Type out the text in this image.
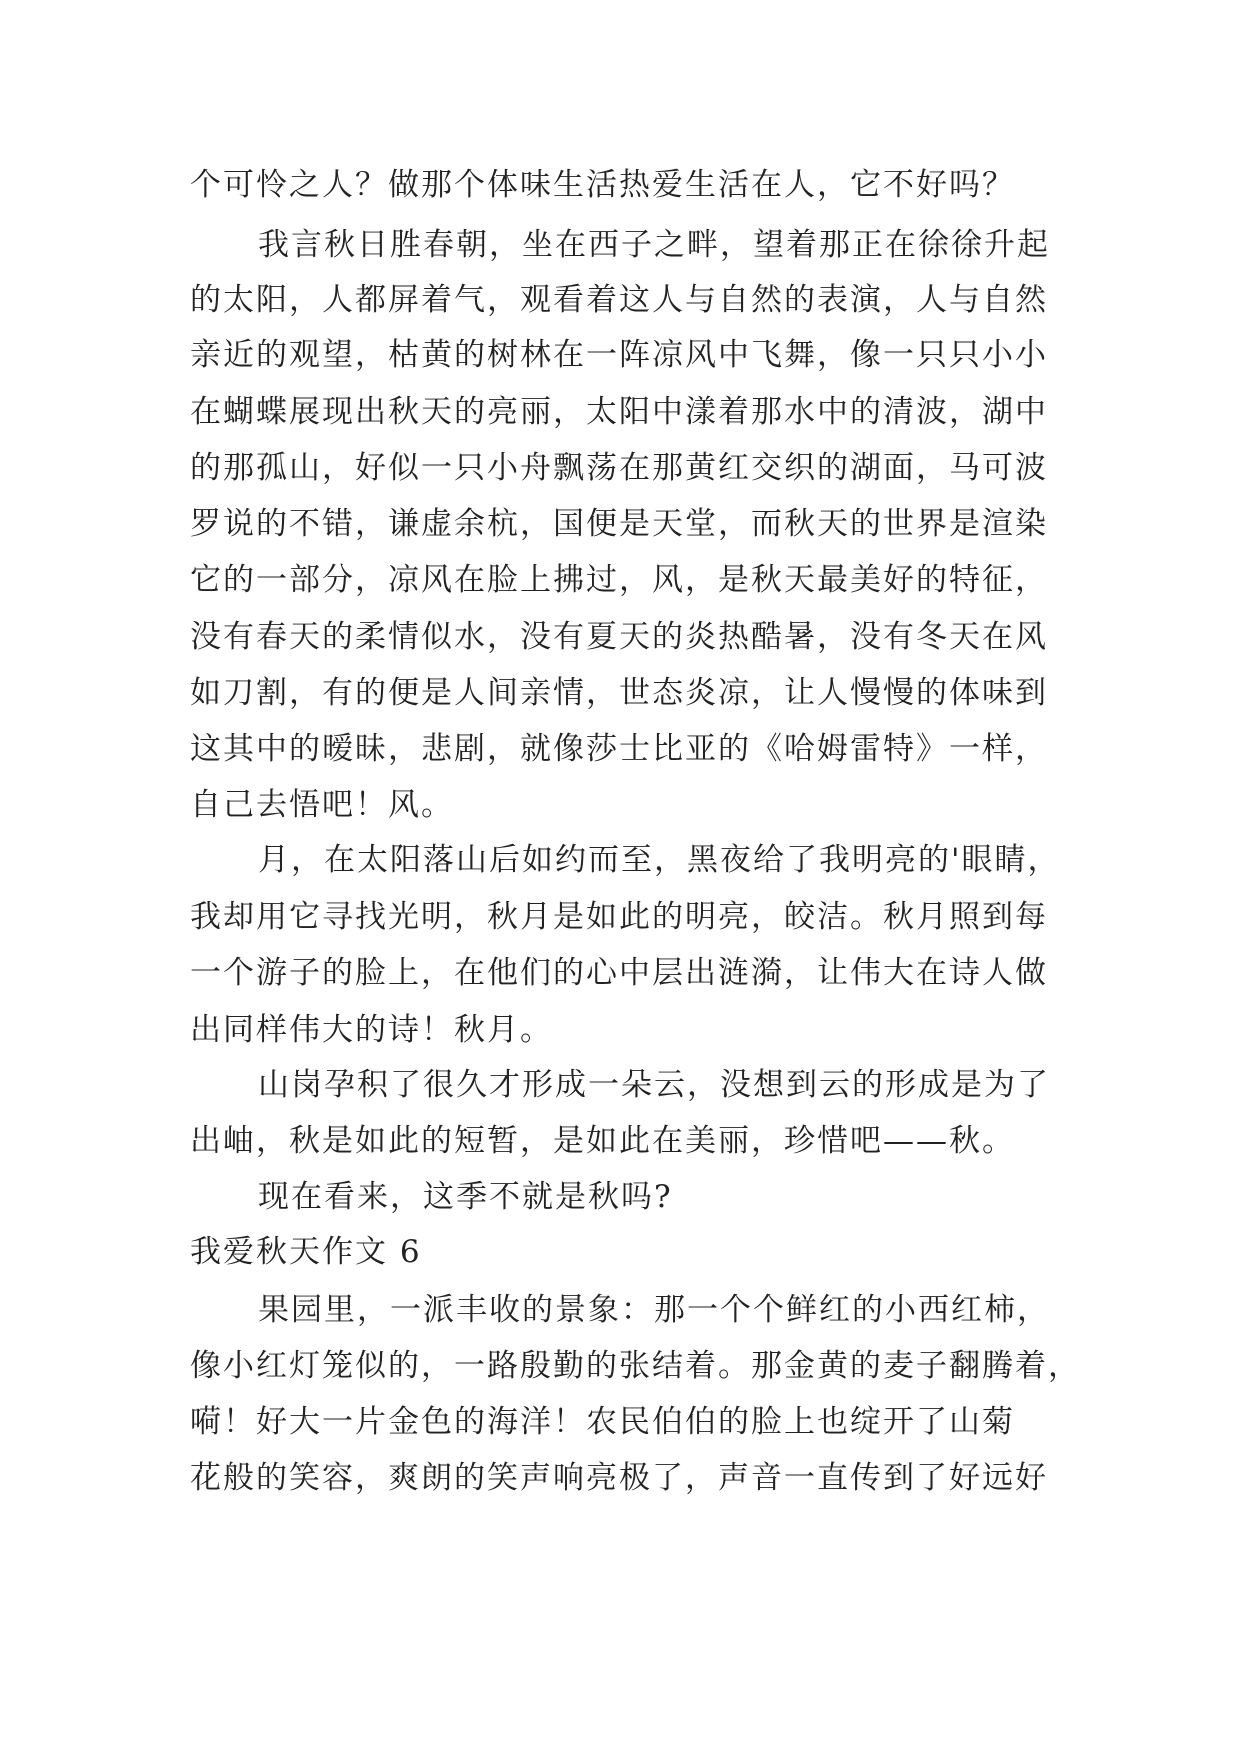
个可怜之人？做那个体味生活热爱生活在人，它不好吗？
我言秋日胜春朝，坐在西子之畔，望着那正在徐徐升起
的太阳，人都屏着气，观看着这人与自然的表演，人与自然
亲近的观望，枯黄的树林在一阵凉风中飞舞，像一只只小小
在蝴蝶展现出秋天的亮丽，太阳中漾着那水中的清波，湖中
的那孤山，好似一只小舟飘荡在那黄红交织的湖面，马可波
罗说的不错，谦虚余杭，国便是天堂，而秋天的世界是渲染
它的一部分，凉风在脸上拂过，风，是秋天最美好的特征，
没有春天的柔情似水，没有夏天的炎热酷暑，没有冬天在风
如刀割，有的便是人间亲情，世态炎凉，让人慢慢的体味到
这其中的暧昧，悲剧，就像莎士比亚的《哈姆雷特》一样，
自己去悟吧！风。
月，在太阳落山后如约而至，黑夜给了我明亮的'眼睛，
我却用它寻找光明，秋月是如此的明亮，皎洁。秋月照到每
一个游子的脸上，在他们的心中层出涟漪，让伟大在诗人做
出同样伟大的诗！秋月。
山岗孕积了很久才形成一朵云，没想到云的形成是为了
出岫，秋是如此的短暂，是如此在美丽，珍惜吧——秋。
现在看来，这季不就是秋吗?
我爱秋天作文 6
果园里，一派丰收的景象：那一个个鲜红的小西红柿，
像小红灯笼似的，一路殷勤的张结着。那金黄的麦子翻腾着，
嗬！好大一片金色的海洋！农民伯伯的脸上也绽开了山菊
花般的笑容，爽朗的笑声响亮极了，声音一直传到了好远好
